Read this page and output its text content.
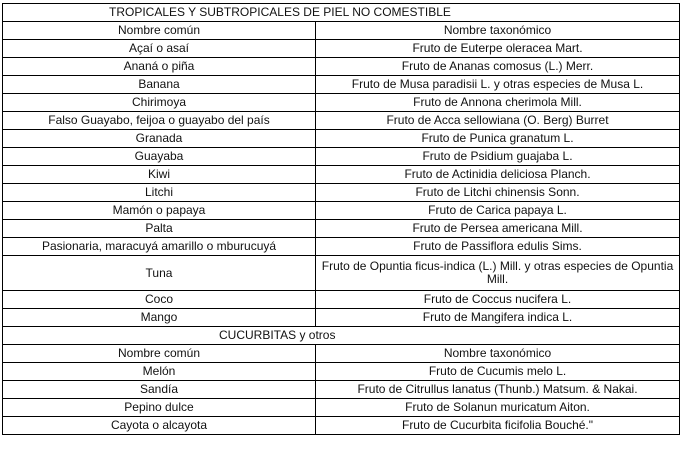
TROPICALES Y SUBTROPICALES DE PIEL NO COMESTIBLE	
Nombre común	Nombre taxonómico
Açaí o asaí	Fruto de Euterpe oleracea Mart.
Ananá o piña	Fruto de Ananas comosus (L.) Merr.
Banana	Fruto de Musa paradisii L. y otras especies de Musa L.
Chirimoya	Fruto de Annona cherimola Mill.
Falso Guayabo, feijoa o guayabo del país	Fruto de Acca sellowiana (O. Berg) Burret
Granada	Fruto de Punica granatum L.
Guayaba	Fruto de Psidium guajaba L.
Kiwi	Fruto de Actinidia deliciosa Planch.
Litchi	Fruto de Litchi chinensis Sonn.
Mamón o papaya	Fruto de Carica papaya L.
Palta	Fruto de Persea americana Mill.
Pasionaria, maracuyá amarillo o mburucuyá	Fruto de Passiflora edulis Sims.
Tuna	Fruto de Opuntia ficus-indica (L.) Mill. y otras especies de Opuntia Mill.
Coco	Fruto de Coccus nucifera L.
Mango	Fruto de Mangifera indica L.
CUCURBITAS y otros	
Nombre común	Nombre taxonómico
Melón	Fruto de Cucumis melo L.
Sandía	Fruto de Citrullus lanatus (Thunb.) Matsum. & Nakai.
Pepino dulce	Fruto de Solanun muricatum Aiton.
Cayota o alcayota	Fruto de Cucurbita ficifolia Bouché."
